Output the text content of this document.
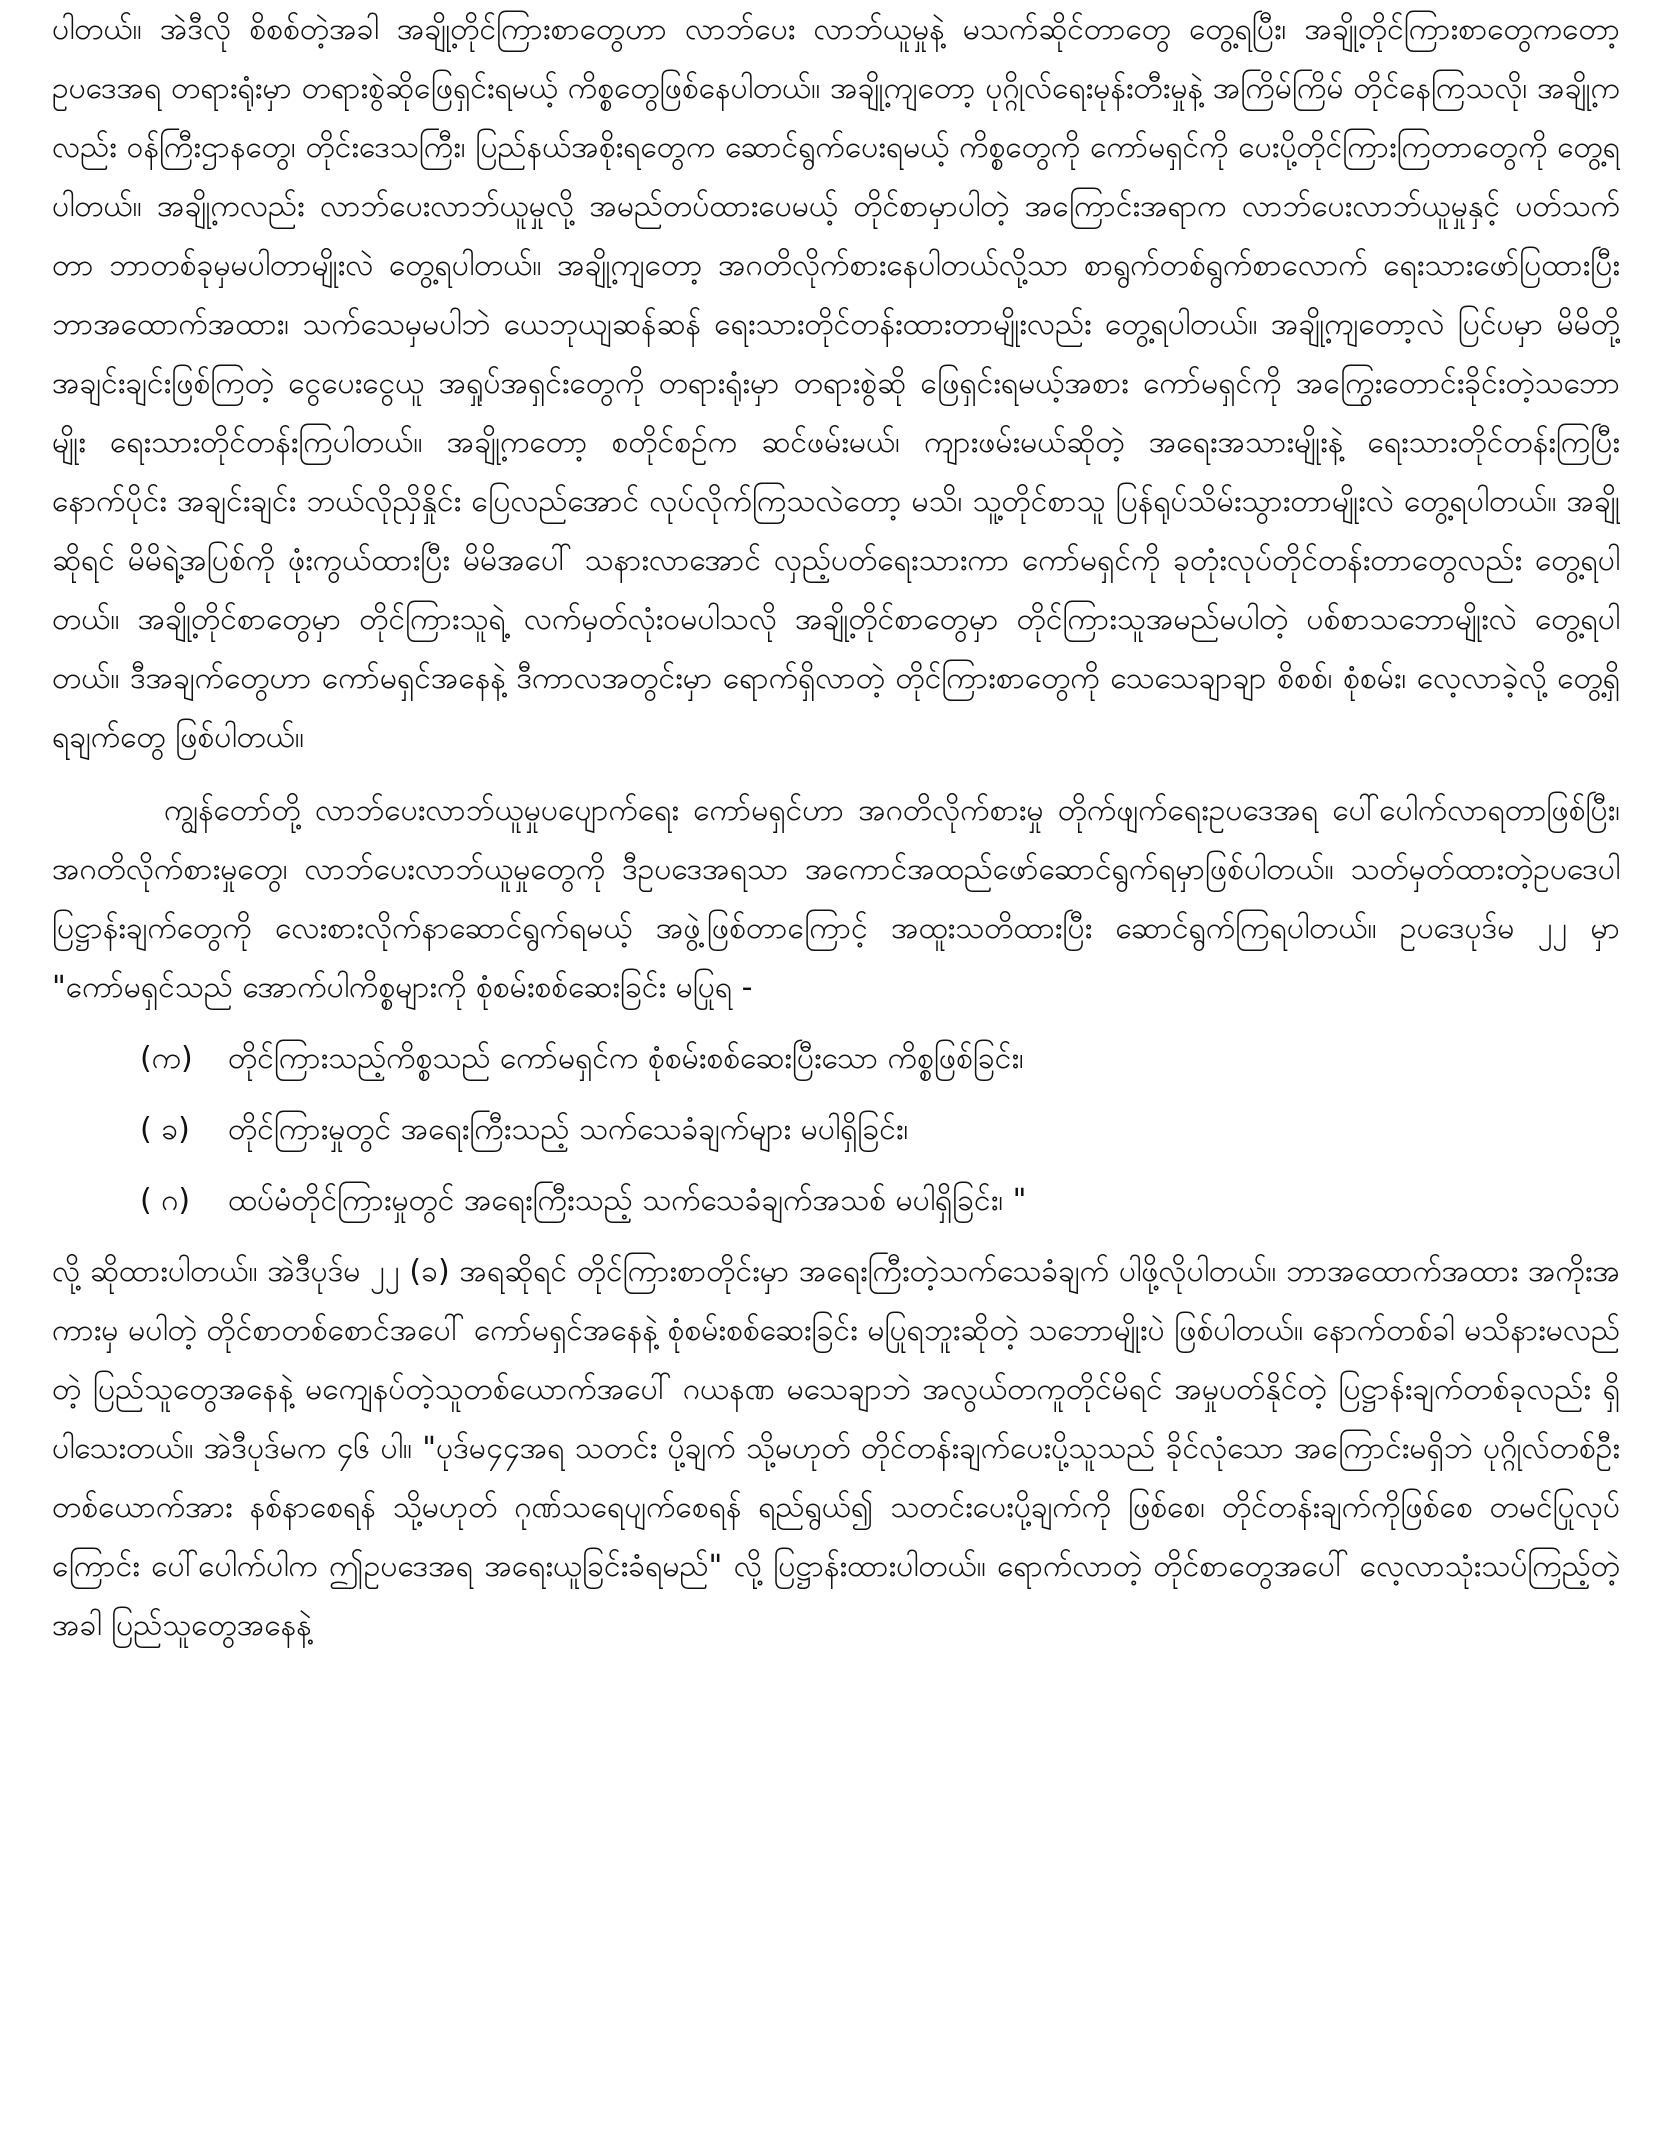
ပါတယ်။ အဲဒီလို စိစစ်တဲ့အခါ အချို့တိုင်ကြားစာတွေဟာ လာဘ်ပေး လာဘ်ယူမှုနဲ့ မသက်ဆိုင်တာတွေ တွေ့ရပြီး၊ အချို့တိုင်ကြားစာတွေကတော့ ဥပဒေအရ တရားရုံးမှာ တရားစွဲဆိုဖြေရှင်းရမယ့် ကိစ္စတွေဖြစ်နေပါတယ်။ အချို့ကျတော့ ပုဂ္ဂိုလ်ရေးမုန်းတီးမှုနဲ့ အကြိမ်ကြိမ် တိုင်နေကြသလို၊ အချို့ကလည်း ဝန်ကြီးဌာနတွေ၊ တိုင်းဒေသကြီး၊ ပြည်နယ်အစိုးရတွေက ဆောင်ရွက်ပေးရမယ့် ကိစ္စတွေကို ကော်မရှင်ကို ပေးပို့တိုင်ကြားကြတာတွေကို တွေ့ရပါတယ်။ အချို့ကလည်း လာဘ်ပေးလာဘ်ယူမှုလို့ အမည်တပ်ထားပေမယ့် တိုင်စာမှာပါတဲ့ အကြောင်းအရာက လာဘ်ပေးလာဘ်ယူမှုနှင့် ပတ်သက်တာ ဘာတစ်ခုမှမပါတာမျိုးလဲ တွေ့ရပါတယ်။ အချို့ကျတော့ အဂတိလိုက်စားနေပါတယ်လို့သာ စာရွက်တစ်ရွက်စာလောက် ရေးသားဖော်ပြထားပြီး ဘာအထောက်အထား၊ သက်သေမှမပါဘဲ ယေဘုယျဆန်ဆန် ရေးသားတိုင်တန်းထားတာမျိုးလည်း တွေ့ရပါတယ်။ အချို့ကျတော့လဲ ပြင်ပမှာ မိမိတို့အချင်းချင်းဖြစ်ကြတဲ့ ငွေပေးငွေယူ အရှုပ်အရှင်းတွေကို တရားရုံးမှာ တရားစွဲဆို ဖြေရှင်းရမယ့်အစား ကော်မရှင်ကို အကြွေးတောင်းခိုင်းတဲ့သဘောမျိုး ရေးသားတိုင်တန်းကြပါတယ်။ အချို့ကတော့ စတိုင်စဉ်က ဆင်ဖမ်းမယ်၊ ကျားဖမ်းမယ်ဆိုတဲ့ အရေးအသားမျိုးနဲ့ ရေးသားတိုင်တန်းကြပြီး နောက်ပိုင်း အချင်းချင်း ဘယ်လိုညှိနှိုင်း ပြေလည်အောင် လုပ်လိုက်ကြသလဲတော့ မသိ၊ သူ့တိုင်စာသူ ပြန်ရုပ်သိမ်းသွားတာမျိုးလဲ တွေ့ရပါတယ်။ အချို့ဆိုရင် မိမိရဲ့အပြစ်ကို ဖုံးကွယ်ထားပြီး မိမိအပေါ် သနားလာအောင် လှည့်ပတ်ရေးသားကာ ကော်မရှင်ကို ခုတုံးလုပ်တိုင်တန်းတာတွေလည်း တွေ့ရပါတယ်။ အချို့တိုင်စာတွေမှာ တိုင်ကြားသူရဲ့ လက်မှတ်လုံးဝမပါသလို အချို့တိုင်စာတွေမှာ တိုင်ကြားသူအမည်မပါတဲ့ ပစ်စာသဘောမျိုးလဲ တွေ့ရပါတယ်။ ဒီအချက်တွေဟာ ကော်မရှင်အနေနဲ့ ဒီကာလအတွင်းမှာ ရောက်ရှိလာတဲ့ တိုင်ကြားစာတွေကို သေသေချာချာ စိစစ်၊ စုံစမ်း၊ လေ့လာခဲ့လို့ တွေ့ရှိရချက်တွေ ဖြစ်ပါတယ်။

ကျွန်တော်တို့ လာဘ်ပေးလာဘ်ယူမှုပပျောက်ရေး ကော်မရှင်ဟာ အဂတိလိုက်စားမှု တိုက်ဖျက်ရေးဥပဒေအရ ပေါ်ပေါက်လာရတာဖြစ်ပြီး၊ အဂတိလိုက်စားမှုတွေ၊ လာဘ်ပေးလာဘ်ယူမှုတွေကို ဒီဥပဒေအရသာ အကောင်အထည်ဖော်ဆောင်ရွက်ရမှာဖြစ်ပါတယ်။ သတ်မှတ်ထားတဲ့ဥပဒေပါ ပြဋ္ဌာန်းချက်တွေကို လေးစားလိုက်နာဆောင်ရွက်ရမယ့် အဖွဲ့ဖြစ်တာကြောင့် အထူးသတိထားပြီး ဆောင်ရွက်ကြရပါတယ်။ ဥပဒေပုဒ်မ ၂၂ မှာ "ကော်မရှင်သည် အောက်ပါကိစ္စများကို စုံစမ်းစစ်ဆေးခြင်း မပြုရ -

(က)	တိုင်ကြားသည့်ကိစ္စသည် ကော်မရှင်က စုံစမ်းစစ်ဆေးပြီးသော ကိစ္စဖြစ်ခြင်း၊
( ခ)	တိုင်ကြားမှုတွင် အရေးကြီးသည့် သက်သေခံချက်များ မပါရှိခြင်း၊
( ဂ)	ထပ်မံတိုင်ကြားမှုတွင် အရေးကြီးသည့် သက်သေခံချက်အသစ် မပါရှိခြင်း၊ "

လို့ ဆိုထားပါတယ်။ အဲဒီပုဒ်မ ၂၂ (ခ) အရဆိုရင် တိုင်ကြားစာတိုင်းမှာ အရေးကြီးတဲ့သက်သေခံချက် ပါဖို့လိုပါတယ်။ ဘာအထောက်အထား အကိုးအကားမှ မပါတဲ့ တိုင်စာတစ်စောင်အပေါ် ကော်မရှင်အနေနဲ့ စုံစမ်းစစ်ဆေးခြင်း မပြုရဘူးဆိုတဲ့ သဘောမျိုးပဲ ဖြစ်ပါတယ်။ နောက်တစ်ခါ မသိနားမလည်တဲ့ ပြည်သူတွေအနေနဲ့ မကျေနပ်တဲ့သူတစ်ယောက်အပေါ် ဂယနဏ မသေချာဘဲ အလွယ်တကူတိုင်မိရင် အမှုပတ်နိုင်တဲ့ ပြဋ္ဌာန်းချက်တစ်ခုလည်း ရှိပါသေးတယ်။ အဲဒီပုဒ်မက ၄၆ ပါ။ "ပုဒ်မ၄၄အရ သတင်း ပို့ချက် သို့မဟုတ် တိုင်တန်းချက်ပေးပို့သူသည် ခိုင်လုံသော အကြောင်းမရှိဘဲ ပုဂ္ဂိုလ်တစ်ဦးတစ်ယောက်အား နစ်နာစေရန် သို့မဟုတ် ဂုဏ်သရေပျက်စေရန် ရည်ရွယ်၍ သတင်းပေးပို့ချက်ကို ဖြစ်စေ၊ တိုင်တန်းချက်ကိုဖြစ်စေ တမင်ပြုလုပ်ကြောင်း ပေါ်ပေါက်ပါက ဤဥပဒေအရ အရေးယူခြင်းခံရမည်" လို့ ပြဋ္ဌာန်းထားပါတယ်။ ရောက်လာတဲ့ တိုင်စာတွေအပေါ် လေ့လာသုံးသပ်ကြည့်တဲ့အခါ ပြည်သူတွေအနေနဲ့
